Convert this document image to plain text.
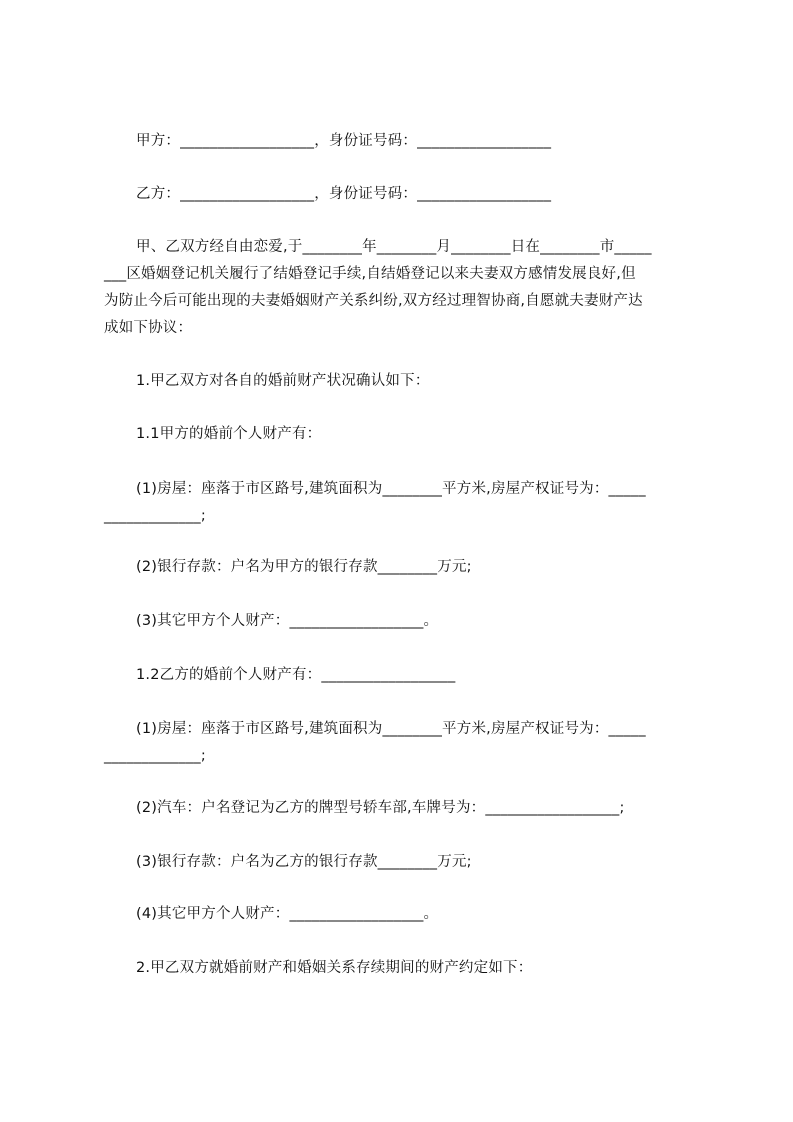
甲方：__________________，身份证号码：__________________
乙方：__________________，身份证号码：__________________
甲、乙双方经自由恋爱,于________年________月________日在________市_____
___区婚姻登记机关履行了结婚登记手续,自结婚登记以来夫妻双方感情发展良好,但
为防止今后可能出现的夫妻婚姻财产关系纠纷,双方经过理智协商,自愿就夫妻财产达
成如下协议：
1.甲乙双方对各自的婚前财产状况确认如下：
1.1甲方的婚前个人财产有：
(1)房屋：座落于市区路号,建筑面积为________平方米,房屋产权证号为：_____
_____________;
(2)银行存款：户名为甲方的银行存款________万元;
(3)其它甲方个人财产：__________________。
1.2乙方的婚前个人财产有：__________________
(1)房屋：座落于市区路号,建筑面积为________平方米,房屋产权证号为：_____
_____________;
(2)汽车：户名登记为乙方的牌型号轿车部,车牌号为：__________________;
(3)银行存款：户名为乙方的银行存款________万元;
(4)其它甲方个人财产：__________________。
2.甲乙双方就婚前财产和婚姻关系存续期间的财产约定如下：
